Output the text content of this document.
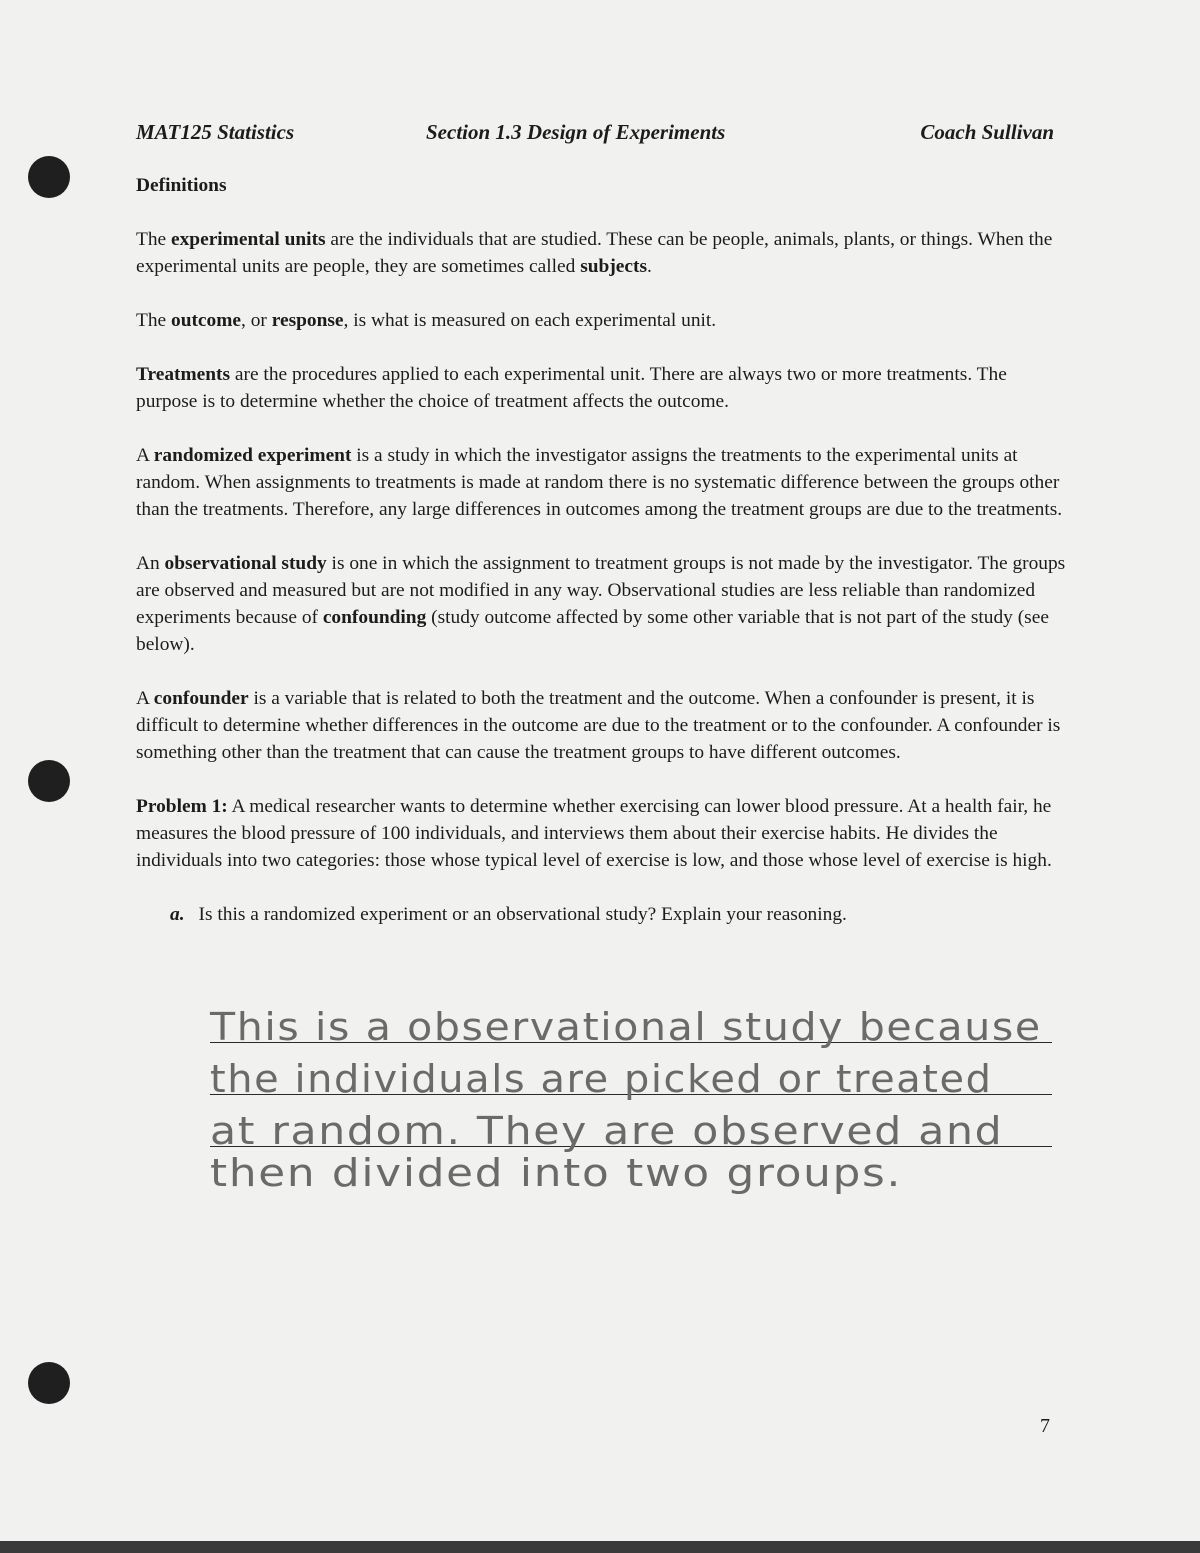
MAT125 Statistics	Section 1.3 Design of Experiments	Coach Sullivan

Definitions

The experimental units are the individuals that are studied. These can be people, animals, plants, or things. When the experimental units are people, they are sometimes called subjects.

The outcome, or response, is what is measured on each experimental unit.

Treatments are the procedures applied to each experimental unit. There are always two or more treatments. The purpose is to determine whether the choice of treatment affects the outcome.

A randomized experiment is a study in which the investigator assigns the treatments to the experimental units at random. When assignments to treatments is made at random there is no systematic difference between the groups other than the treatments. Therefore, any large differences in outcomes among the treatment groups are due to the treatments.

An observational study is one in which the assignment to treatment groups is not made by the investigator. The groups are observed and measured but are not modified in any way. Observational studies are less reliable than randomized experiments because of confounding (study outcome affected by some other variable that is not part of the study (see below).

A confounder is a variable that is related to both the treatment and the outcome. When a confounder is present, it is difficult to determine whether differences in the outcome are due to the treatment or to the confounder. A confounder is something other than the treatment that can cause the treatment groups to have different outcomes.

Problem 1: A medical researcher wants to determine whether exercising can lower blood pressure. At a health fair, he measures the blood pressure of 100 individuals, and interviews them about their exercise habits. He divides the individuals into two categories: those whose typical level of exercise is low, and those whose level of exercise is high.

a. Is this a randomized experiment or an observational study? Explain your reasoning.

This is a observational study because
the individuals are picked or treated
at random. They are observed and
then divided into two groups.
7
